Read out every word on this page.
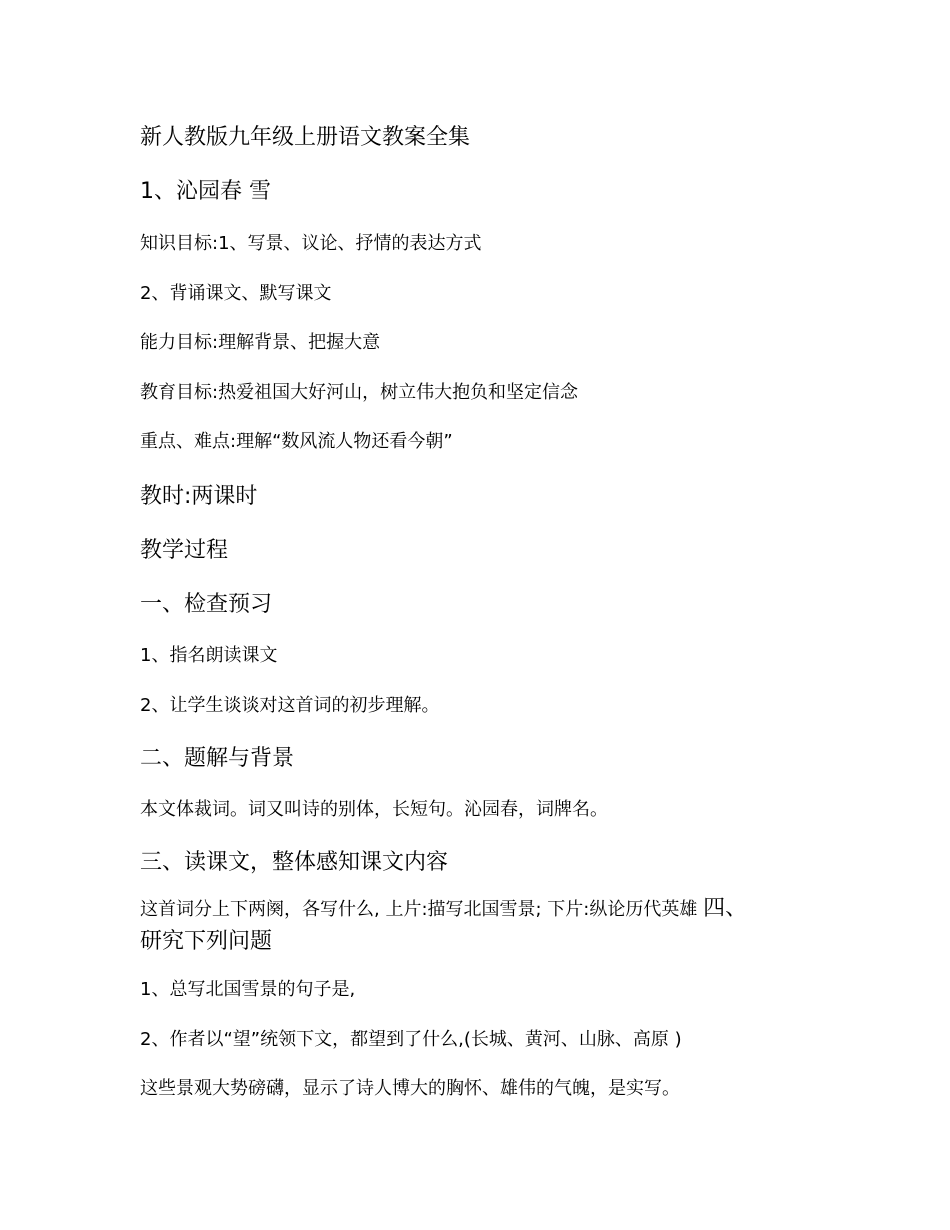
新人教版九年级上册语文教案全集

1、沁园春 雪

知识目标:1、写景、议论、抒情的表达方式

2、背诵课文、默写课文

能力目标:理解背景、把握大意

教育目标:热爱祖国大好河山，树立伟大抱负和坚定信念

重点、难点:理解“数风流人物还看今朝”

教时:两课时

教学过程

一、检查预习

1、指名朗读课文

2、让学生谈谈对这首词的初步理解。

二、题解与背景

本文体裁词。词又叫诗的别体，长短句。沁园春，词牌名。

三、读课文，整体感知课文内容

这首词分上下两阕，各写什么, 上片:描写北国雪景; 下片:纵论历代英雄 四、
研究下列问题

1、总写北国雪景的句子是,

2、作者以“望”统领下文，都望到了什么,(长城、黄河、山脉、高原 )

这些景观大势磅礴，显示了诗人博大的胸怀、雄伟的气魄，是实写。
